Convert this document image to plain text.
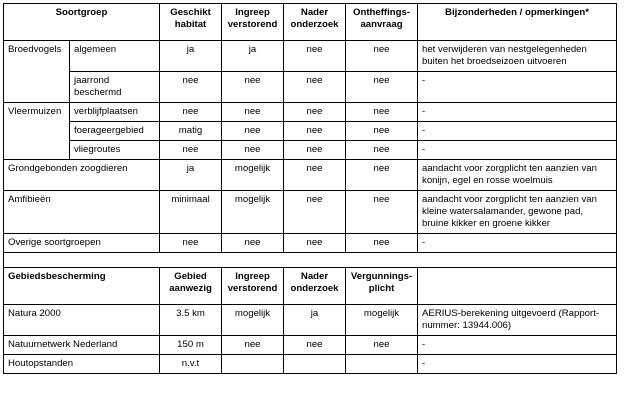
Soortgroep		Geschikt habitat	Ingreep verstorend	Nader onderzoek	Ontheffings-aanvraag	Bijzonderheden / opmerkingen*
Broedvogels	algemeen	ja	ja	nee	nee	het verwijderen van nestgelegenheden buiten het broedseizoen uitvoeren
	jaarrond beschermd	nee	nee	nee	nee	-
Vleermuizen	verblijfplaatsen	nee	nee	nee	nee	-
	foerageergebied	matig	nee	nee	nee	-
	vliegroutes	nee	nee	nee	nee	-
Grondgebonden zoogdieren		ja	mogelijk	nee	nee	aandacht voor zorgplicht ten aanzien van konijn, egel en rosse woelmuis
Amfibieën		minimaal	mogelijk	nee	nee	aandacht voor zorgplicht ten aanzien van kleine watersalamander, gewone pad, bruine kikker en groene kikker
Overige soortgroepen		nee	nee	nee	nee	-

Gebiedsbescherming		Gebied aanwezig	Ingreep verstorend	Nader onderzoek	Vergunnings-plicht	
Natura 2000		3.5 km	mogelijk	ja	mogelijk	AERIUS-berekening uitgevoerd (Rapport-nummer: 13944.006)
Natuurnetwerk Nederland		150 m	nee	nee	nee	-
Houtopstanden		n.v.t				-
